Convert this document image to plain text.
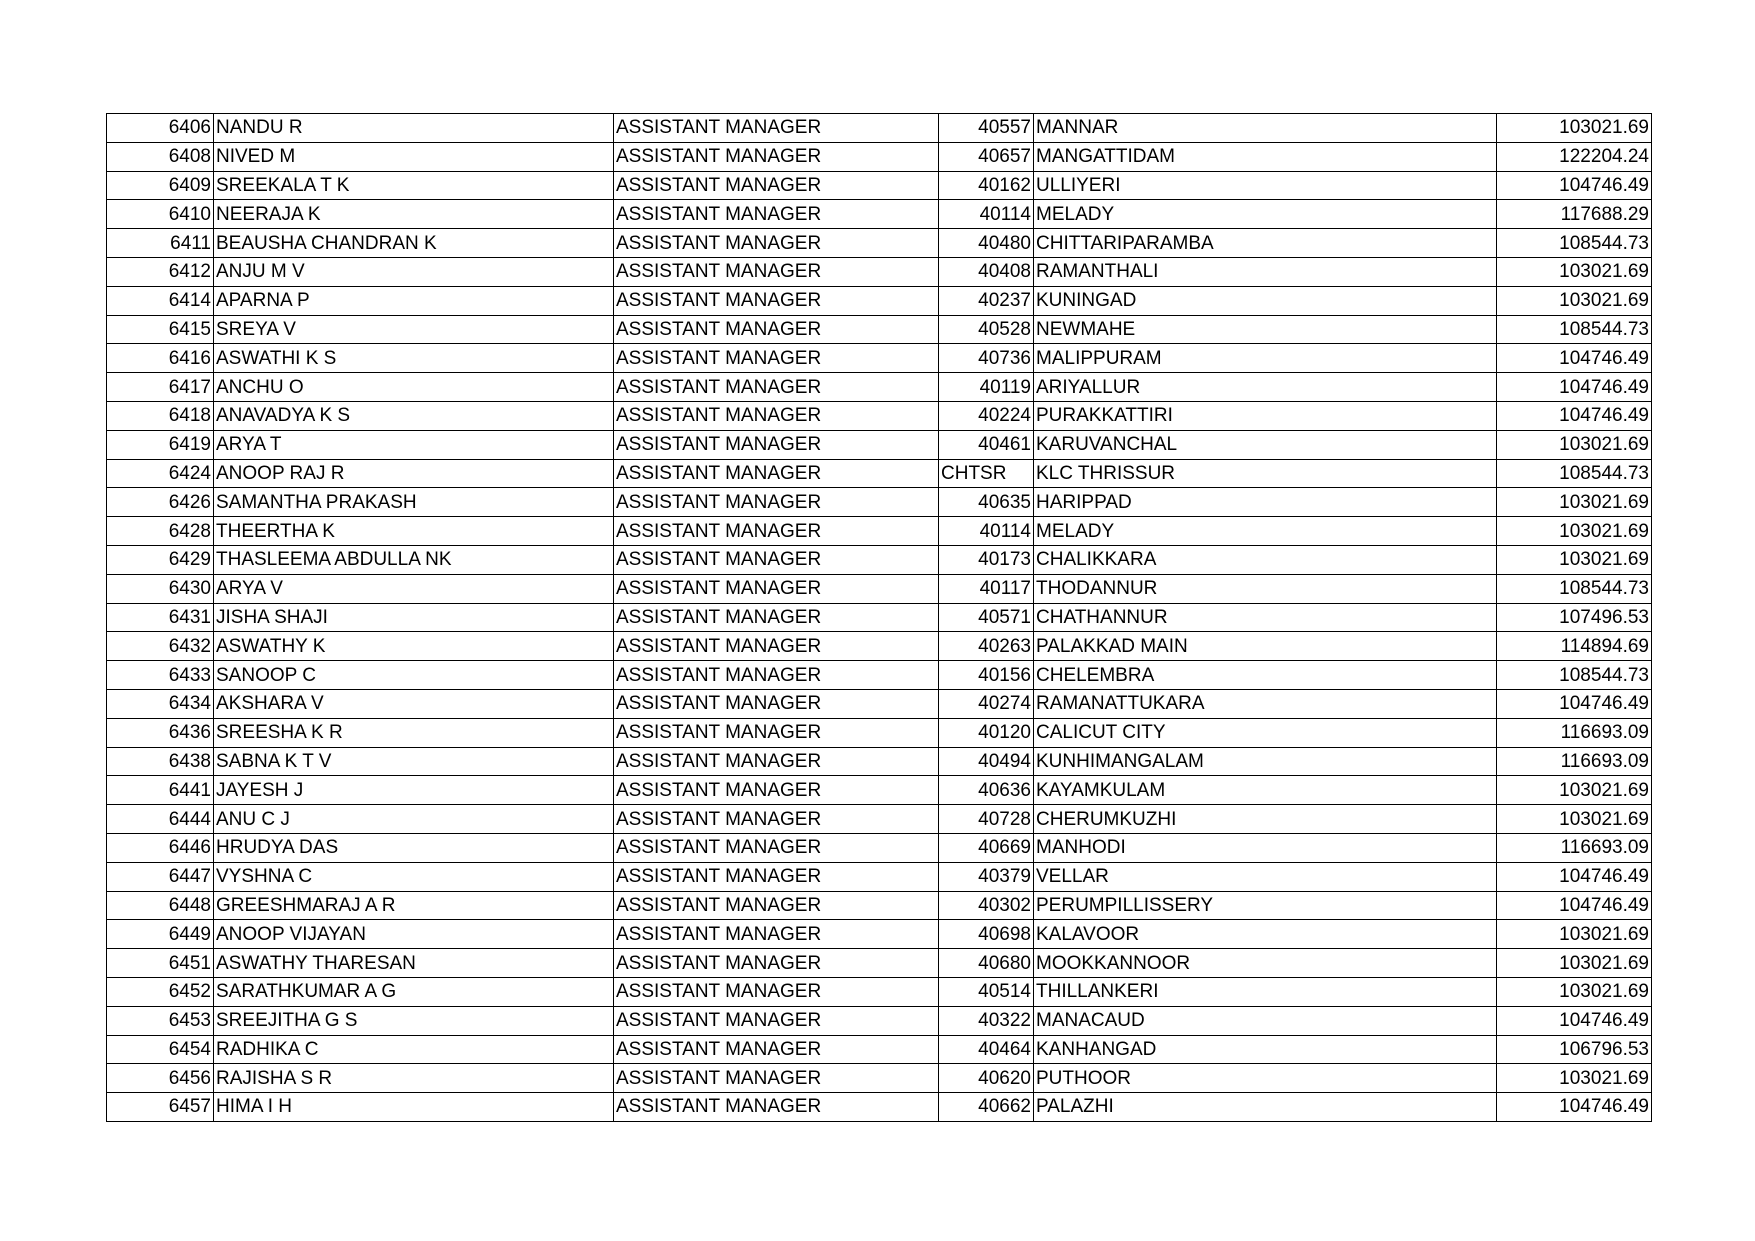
6406	NANDU R	ASSISTANT MANAGER	40557	MANNAR	103021.69
6408	NIVED M	ASSISTANT MANAGER	40657	MANGATTIDAM	122204.24
6409	SREEKALA T K	ASSISTANT MANAGER	40162	ULLIYERI	104746.49
6410	NEERAJA K	ASSISTANT MANAGER	40114	MELADY	117688.29
6411	BEAUSHA CHANDRAN K	ASSISTANT MANAGER	40480	CHITTARIPARAMBA	108544.73
6412	ANJU M V	ASSISTANT MANAGER	40408	RAMANTHALI	103021.69
6414	APARNA P	ASSISTANT MANAGER	40237	KUNINGAD	103021.69
6415	SREYA V	ASSISTANT MANAGER	40528	NEWMAHE	108544.73
6416	ASWATHI K S	ASSISTANT MANAGER	40736	MALIPPURAM	104746.49
6417	ANCHU O	ASSISTANT MANAGER	40119	ARIYALLUR	104746.49
6418	ANAVADYA K S	ASSISTANT MANAGER	40224	PURAKKATTIRI	104746.49
6419	ARYA T	ASSISTANT MANAGER	40461	KARUVANCHAL	103021.69
6424	ANOOP RAJ R	ASSISTANT MANAGER	CHTSR	KLC THRISSUR	108544.73
6426	SAMANTHA PRAKASH	ASSISTANT MANAGER	40635	HARIPPAD	103021.69
6428	THEERTHA K	ASSISTANT MANAGER	40114	MELADY	103021.69
6429	THASLEEMA ABDULLA NK	ASSISTANT MANAGER	40173	CHALIKKARA	103021.69
6430	ARYA V	ASSISTANT MANAGER	40117	THODANNUR	108544.73
6431	JISHA SHAJI	ASSISTANT MANAGER	40571	CHATHANNUR	107496.53
6432	ASWATHY K	ASSISTANT MANAGER	40263	PALAKKAD MAIN	114894.69
6433	SANOOP C	ASSISTANT MANAGER	40156	CHELEMBRA	108544.73
6434	AKSHARA V	ASSISTANT MANAGER	40274	RAMANATTUKARA	104746.49
6436	SREESHA K R	ASSISTANT MANAGER	40120	CALICUT CITY	116693.09
6438	SABNA K T V	ASSISTANT MANAGER	40494	KUNHIMANGALAM	116693.09
6441	JAYESH J	ASSISTANT MANAGER	40636	KAYAMKULAM	103021.69
6444	ANU C J	ASSISTANT MANAGER	40728	CHERUMKUZHI	103021.69
6446	HRUDYA DAS	ASSISTANT MANAGER	40669	MANHODI	116693.09
6447	VYSHNA C	ASSISTANT MANAGER	40379	VELLAR	104746.49
6448	GREESHMARAJ A R	ASSISTANT MANAGER	40302	PERUMPILLISSERY	104746.49
6449	ANOOP VIJAYAN	ASSISTANT MANAGER	40698	KALAVOOR	103021.69
6451	ASWATHY THARESAN	ASSISTANT MANAGER	40680	MOOKKANNOOR	103021.69
6452	SARATHKUMAR A G	ASSISTANT MANAGER	40514	THILLANKERI	103021.69
6453	SREEJITHA G S	ASSISTANT MANAGER	40322	MANACAUD	104746.49
6454	RADHIKA C	ASSISTANT MANAGER	40464	KANHANGAD	106796.53
6456	RAJISHA S R	ASSISTANT MANAGER	40620	PUTHOOR	103021.69
6457	HIMA I H	ASSISTANT MANAGER	40662	PALAZHI	104746.49
